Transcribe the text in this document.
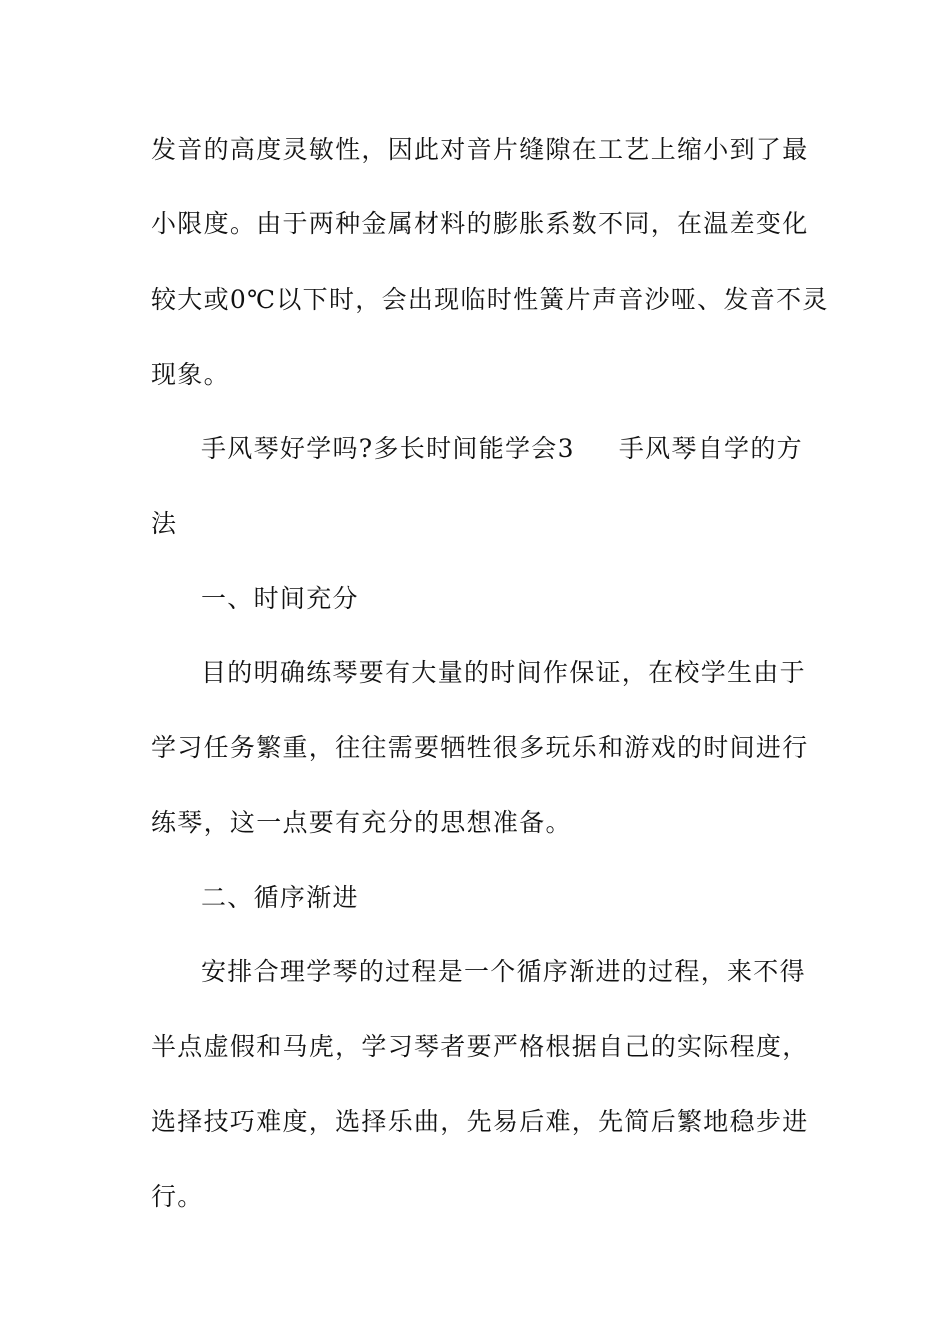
发音的高度灵敏性，因此对音片缝隙在工艺上缩小到了最
小限度。由于两种金属材料的膨胀系数不同，在温差变化
较大或0℃以下时，会出现临时性簧片声音沙哑、发音不灵
现象。
手风琴好学吗?多长时间能学会3 手风琴自学的方
法
一、时间充分
目的明确练琴要有大量的时间作保证，在校学生由于
学习任务繁重，往往需要牺牲很多玩乐和游戏的时间进行
练琴，这一点要有充分的思想准备。
二、循序渐进
安排合理学琴的过程是一个循序渐进的过程，来不得
半点虚假和马虎，学习琴者要严格根据自己的实际程度，
选择技巧难度，选择乐曲，先易后难，先简后繁地稳步进
行。
